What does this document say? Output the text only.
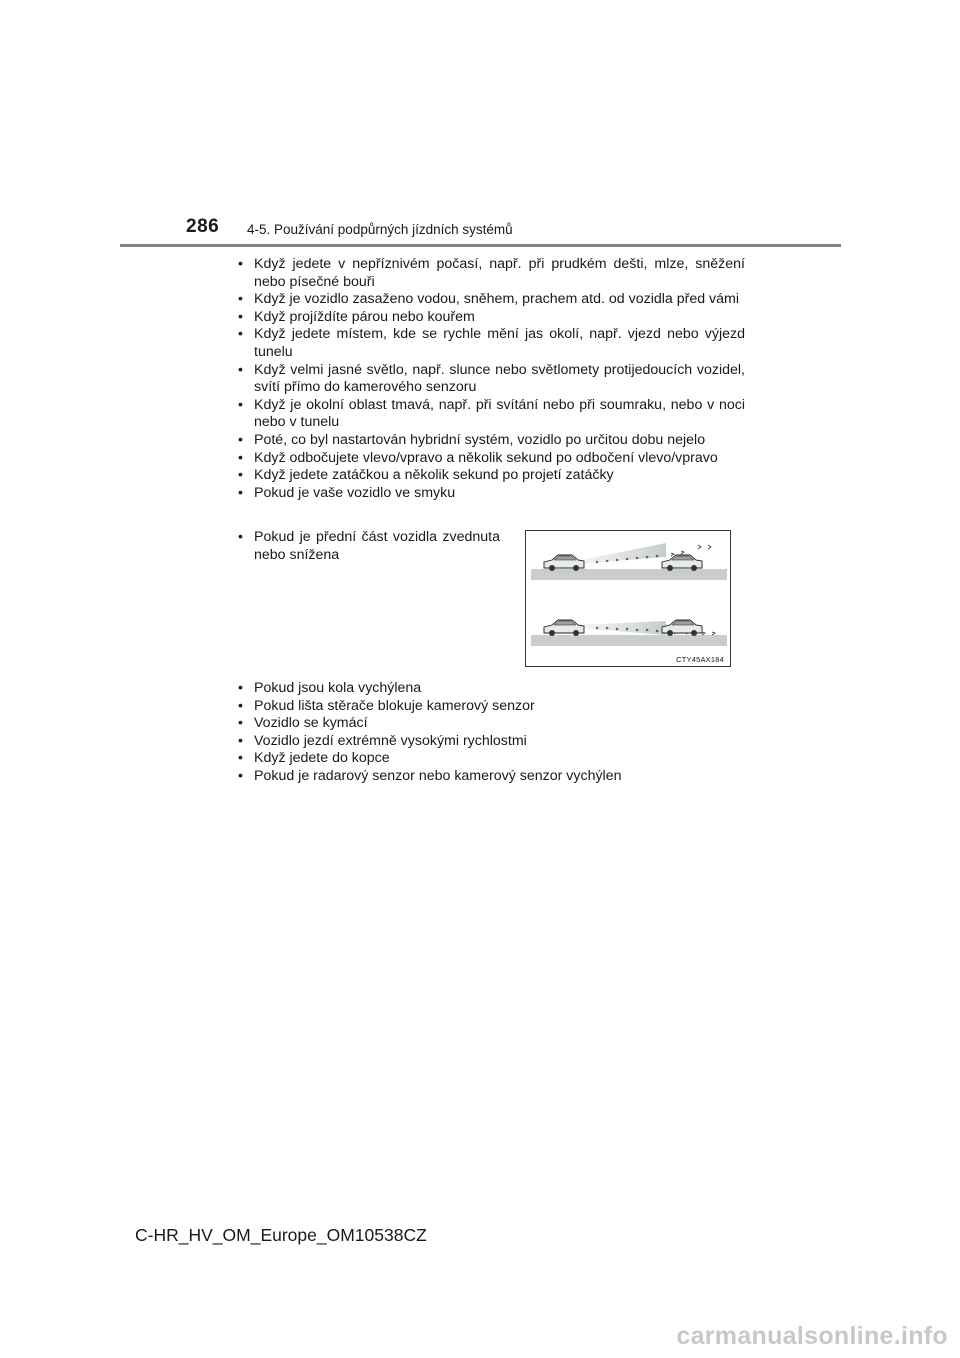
286 4-5. Používání podpůrných jízdních systémů
• Když jedete v nepříznivém počasí, např. při prudkém dešti, mlze, sněžení nebo písečné bouři
• Když je vozidlo zasaženo vodou, sněhem, prachem atd. od vozidla před vámi
• Když projíždíte párou nebo kouřem
• Když jedete místem, kde se rychle mění jas okolí, např. vjezd nebo výjezd tunelu
• Když velmi jasné světlo, např. slunce nebo světlomety protijedoucích vozidel, svítí přímo do kamerového senzoru
• Když je okolní oblast tmavá, např. při svítání nebo při soumraku, nebo v noci nebo v tunelu
• Poté, co byl nastartován hybridní systém, vozidlo po určitou dobu nejelo
• Když odbočujete vlevo/vpravo a několik sekund po odbočení vlevo/vpravo
• Když jedete zatáčkou a několik sekund po projetí zatáčky
• Pokud je vaše vozidlo ve smyku
• Pokud je přední část vozidla zvednuta nebo snížena
CTY45AX184
• Pokud jsou kola vychýlena
• Pokud lišta stěrače blokuje kamerový senzor
• Vozidlo se kymácí
• Vozidlo jezdí extrémně vysokými rychlostmi
• Když jedete do kopce
• Pokud je radarový senzor nebo kamerový senzor vychýlen
C-HR_HV_OM_Europe_OM10538CZ
carmanualsonline.info
